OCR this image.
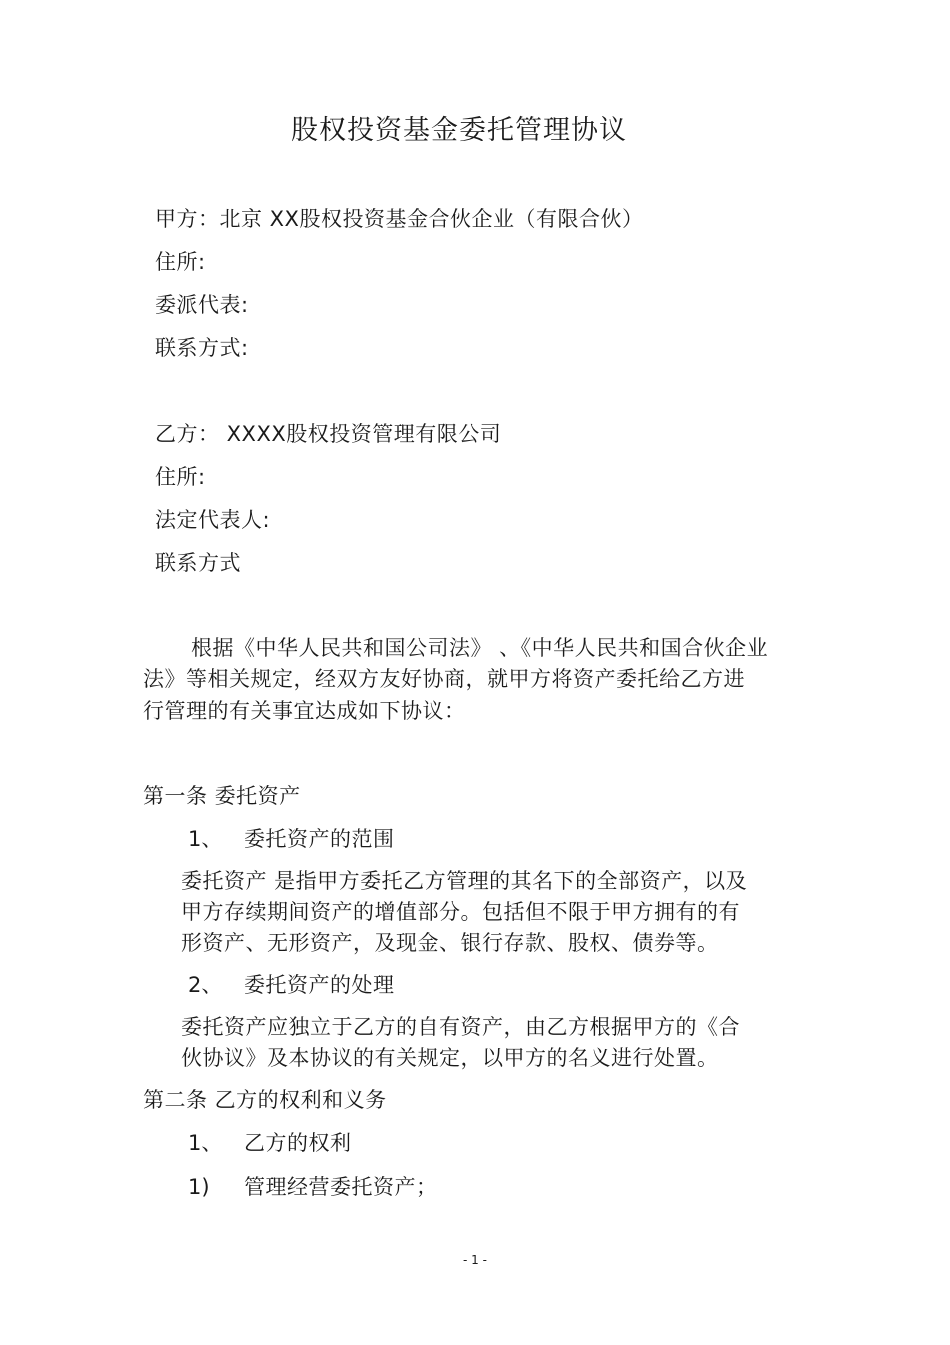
股权投资基金委托管理协议
甲方：北京 XX股权投资基金合伙企业（有限合伙）
住所:
委派代表:
联系方式:
乙方： XXXX股权投资管理有限公司
住所:
法定代表人:
联系方式
根据《中华人民共和国公司法》 、《中华人民共和国合伙企业
法》等相关规定，经双方友好协商，就甲方将资产委托给乙方进
行管理的有关事宜达成如下协议：
第一条 委托资产
1、 委托资产的范围
委托资产 是指甲方委托乙方管理的其名下的全部资产，以及
甲方存续期间资产的增值部分。包括但不限于甲方拥有的有
形资产、无形资产，及现金、银行存款、股权、债券等。
2、 委托资产的处理
委托资产应独立于乙方的自有资产，由乙方根据甲方的《合
伙协议》及本协议的有关规定，以甲方的名义进行处置。
第二条 乙方的权利和义务
1、 乙方的权利
1) 管理经营委托资产；
- 1 -
